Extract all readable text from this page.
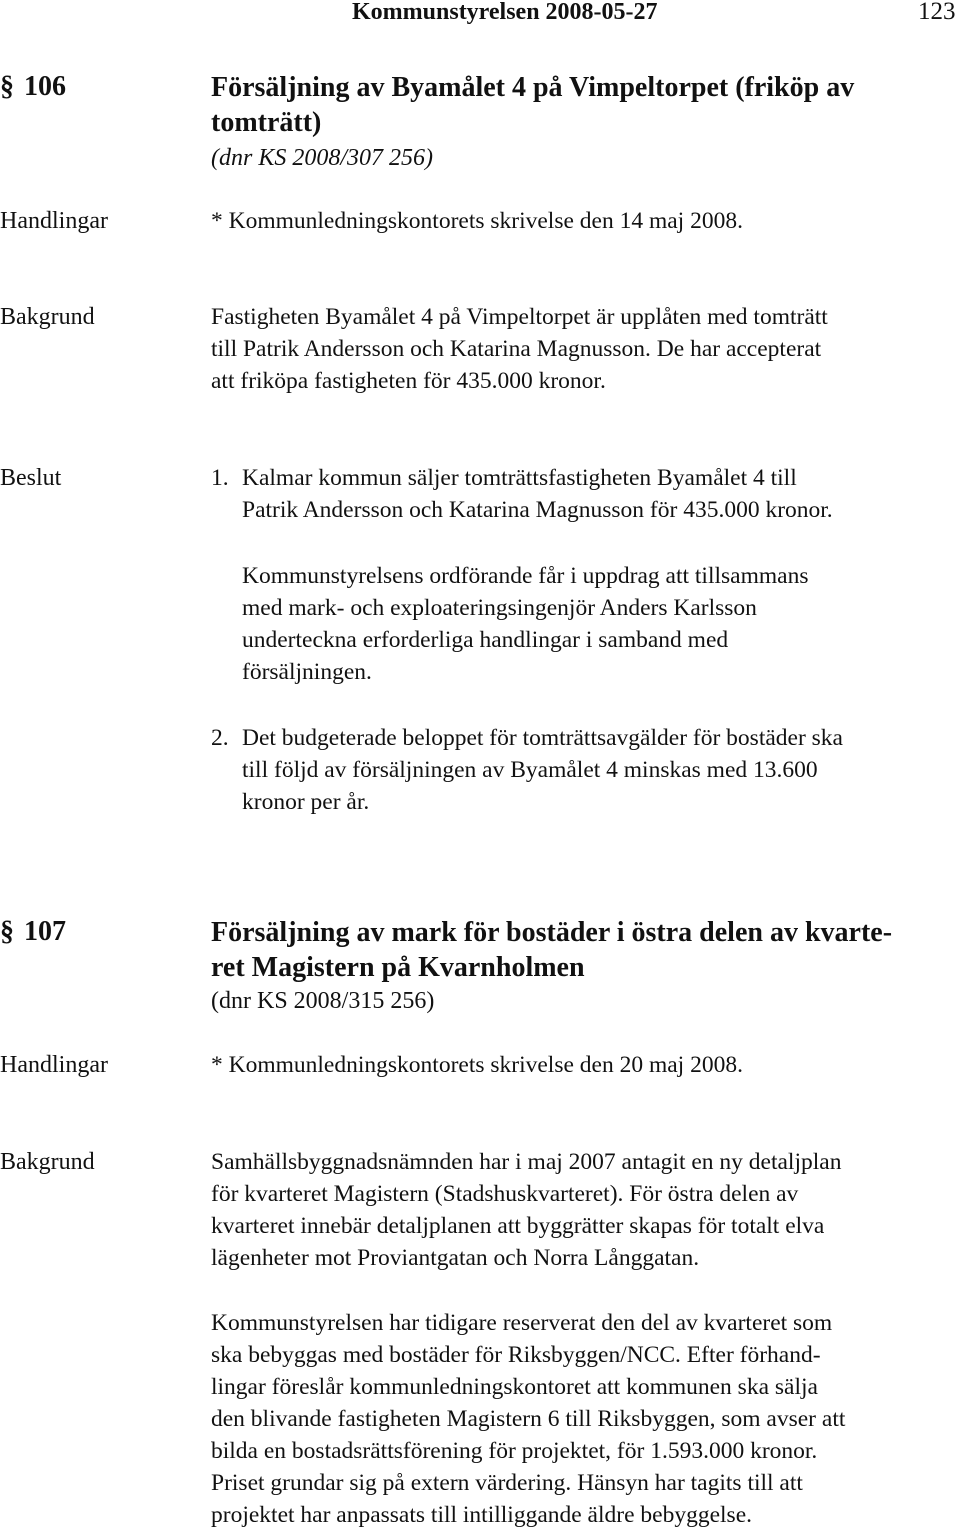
Kommunstyrelsen 2008-05-27	123
§ 106	Försäljning av Byamålet 4 på Vimpeltorpet (friköp av
tomträtt)
(dnr KS 2008/307 256)
Handlingar	* Kommunledningskontorets skrivelse den 14 maj 2008.
Bakgrund	Fastigheten Byamålet 4 på Vimpeltorpet är upplåten med tomträtt
till Patrik Andersson och Katarina Magnusson. De har accepterat
att friköpa fastigheten för 435.000 kronor.
Beslut	1. Kalmar kommun säljer tomträttsfastigheten Byamålet 4 till
Patrik Andersson och Katarina Magnusson för 435.000 kronor.
Kommunstyrelsens ordförande får i uppdrag att tillsammans
med mark- och exploateringsingenjör Anders Karlsson
underteckna erforderliga handlingar i samband med
försäljningen.
2. Det budgeterade beloppet för tomträttsavgälder för bostäder ska
till följd av försäljningen av Byamålet 4 minskas med 13.600
kronor per år.
§ 107	Försäljning av mark för bostäder i östra delen av kvarte-
ret Magistern på Kvarnholmen
(dnr KS 2008/315 256)
Handlingar	* Kommunledningskontorets skrivelse den 20 maj 2008.
Bakgrund	Samhällsbyggnadsnämnden har i maj 2007 antagit en ny detaljplan
för kvarteret Magistern (Stadshuskvarteret). För östra delen av
kvarteret innebär detaljplanen att byggrätter skapas för totalt elva
lägenheter mot Proviantgatan och Norra Långgatan.
Kommunstyrelsen har tidigare reserverat den del av kvarteret som
ska bebyggas med bostäder för Riksbyggen/NCC. Efter förhand-
lingar föreslår kommunledningskontoret att kommunen ska sälja
den blivande fastigheten Magistern 6 till Riksbyggen, som avser att
bilda en bostadsrättsförening för projektet, för 1.593.000 kronor.
Priset grundar sig på extern värdering. Hänsyn har tagits till att
projektet har anpassats till intilliggande äldre bebyggelse.
